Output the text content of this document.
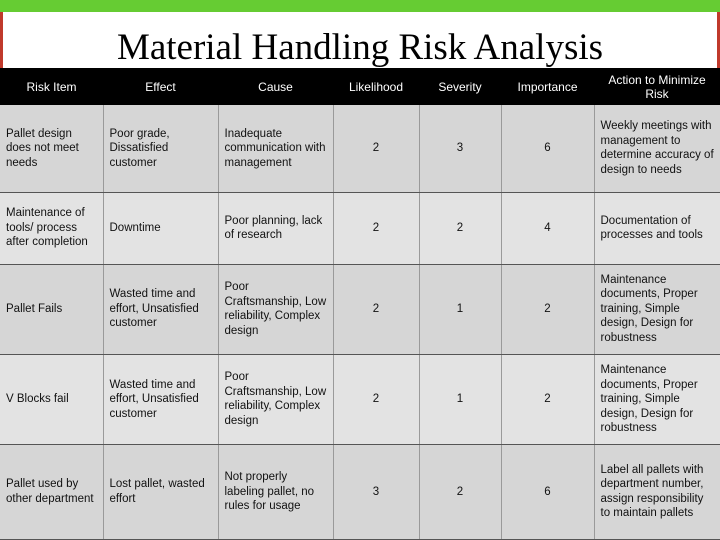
Material Handling Risk Analysis
Risk Item	Effect	Cause	Likelihood	Severity	Importance	Action to Minimize Risk
Pallet design does not meet needs	Poor grade, Dissatisfied customer	Inadequate communication with management	2	3	6	Weekly meetings with management to determine accuracy of design to needs
Maintenance of tools/ process after completion	Downtime	Poor planning, lack of research	2	2	4	Documentation of processes and tools
Pallet Fails	Wasted time and effort, Unsatisfied customer	Poor Craftsmanship, Low reliability, Complex design	2	1	2	Maintenance documents, Proper training, Simple design, Design for robustness
V Blocks fail	Wasted time and effort, Unsatisfied customer	Poor Craftsmanship, Low reliability, Complex design	2	1	2	Maintenance documents, Proper training, Simple design, Design for robustness
Pallet used by other department	Lost pallet, wasted effort	Not properly labeling pallet, no rules for usage	3	2	6	Label all pallets with department number, assign responsibility to maintain pallets
